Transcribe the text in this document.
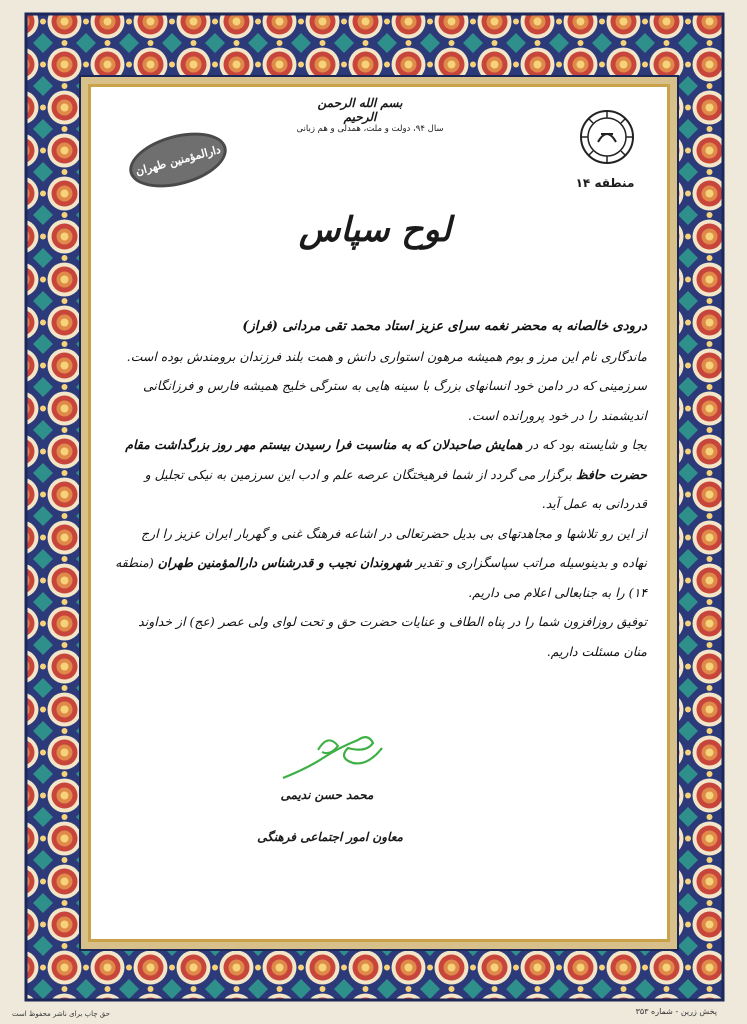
بسم الله الرحمن الرحیم
سال ۹۴، دولت و ملت، همدلی و هم زبانی
دارالمؤمنین طهران
منطقه ۱۴
لوح سپاس

درودی خالصانه به محضر نغمه سرای عزیز استاد محمد تقی مردانی (فراز)

ماندگاری نام این مرز و بوم همیشه مرهون استواری دانش و همت بلند فرزندان برومندش بوده است. سرزمینی که در دامن خود انسانهای بزرگ با سینه هایی به سترگی خلیج همیشه فارس و فرزانگانی اندیشمند را در خود پرورانده است.

بجا و شایسته بود که در همایش صاحبدلان که به مناسبت فرا رسیدن بیستم مهر روز بزرگداشت مقام حضرت حافظ برگزار می گردد از شما فرهیختگان عرصه علم و ادب این سرزمین به نیکی تجلیل و قدردانی به عمل آید.

از این رو تلاشها و مجاهدتهای بی بدیل حضرتعالی در اشاعه فرهنگ غنی و گهربار ایران عزیز را ارج نهاده و بدینوسیله مراتب سپاسگزاری و تقدیر شهروندان نجیب و قدرشناس دارالمؤمنین طهران (منطقه ۱۴) را به جنابعالی اعلام می داریم.

توفیق روزافزون شما را در پناه الطاف و عنایات حضرت حق و تحت لوای ولی عصر (عج) از خداوند منان مسئلت داریم.

محمد حسن ندیمی
معاون امور اجتماعی فرهنگی
حق چاپ برای ناشر محفوظ است	پخش زرین - شماره ۳۵۳
